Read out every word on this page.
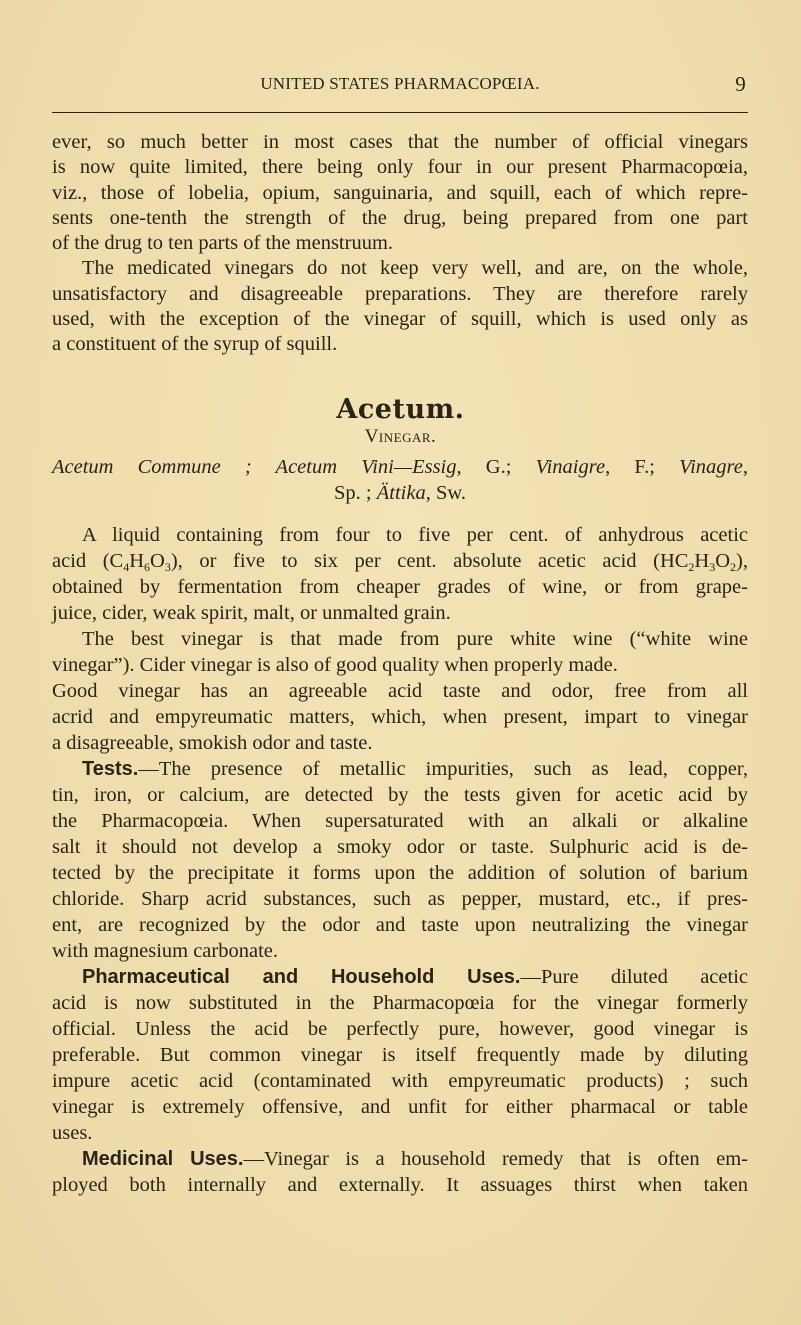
UNITED STATES PHARMACOPŒIA.	9
ever, so much better in most cases that the number of official vinegars
is now quite limited, there being only four in our present Pharmacopœia,
viz., those of lobelia, opium, sanguinaria, and squill, each of which repre-
sents one-tenth the strength of the drug, being prepared from one part
of the drug to ten parts of the menstruum.
The medicated vinegars do not keep very well, and are, on the whole,
unsatisfactory and disagreeable preparations. They are therefore rarely
used, with the exception of the vinegar of squill, which is used only as
a constituent of the syrup of squill.
Acetum.
Vinegar.
Acetum Commune ; Acetum Vini—Essig, G.; Vinaigre, F.; Vinagre,
Sp. ; Ättika, Sw.
A liquid containing from four to five per cent. of anhydrous acetic
acid (C4H6O3), or five to six per cent. absolute acetic acid (HC2H3O2),
obtained by fermentation from cheaper grades of wine, or from grape-
juice, cider, weak spirit, malt, or unmalted grain.
The best vinegar is that made from pure white wine (“white wine
vinegar”). Cider vinegar is also of good quality when properly made.
Good vinegar has an agreeable acid taste and odor, free from all
acrid and empyreumatic matters, which, when present, impart to vinegar
a disagreeable, smokish odor and taste.
Tests.—The presence of metallic impurities, such as lead, copper,
tin, iron, or calcium, are detected by the tests given for acetic acid by
the Pharmacopœia. When supersaturated with an alkali or alkaline
salt it should not develop a smoky odor or taste. Sulphuric acid is de-
tected by the precipitate it forms upon the addition of solution of barium
chloride. Sharp acrid substances, such as pepper, mustard, etc., if pres-
ent, are recognized by the odor and taste upon neutralizing the vinegar
with magnesium carbonate.
Pharmaceutical and Household Uses.—Pure diluted acetic
acid is now substituted in the Pharmacopœia for the vinegar formerly
official. Unless the acid be perfectly pure, however, good vinegar is
preferable. But common vinegar is itself frequently made by diluting
impure acetic acid (contaminated with empyreumatic products) ; such
vinegar is extremely offensive, and unfit for either pharmacal or table
uses.
Medicinal Uses.—Vinegar is a household remedy that is often em-
ployed both internally and externally. It assuages thirst when taken
